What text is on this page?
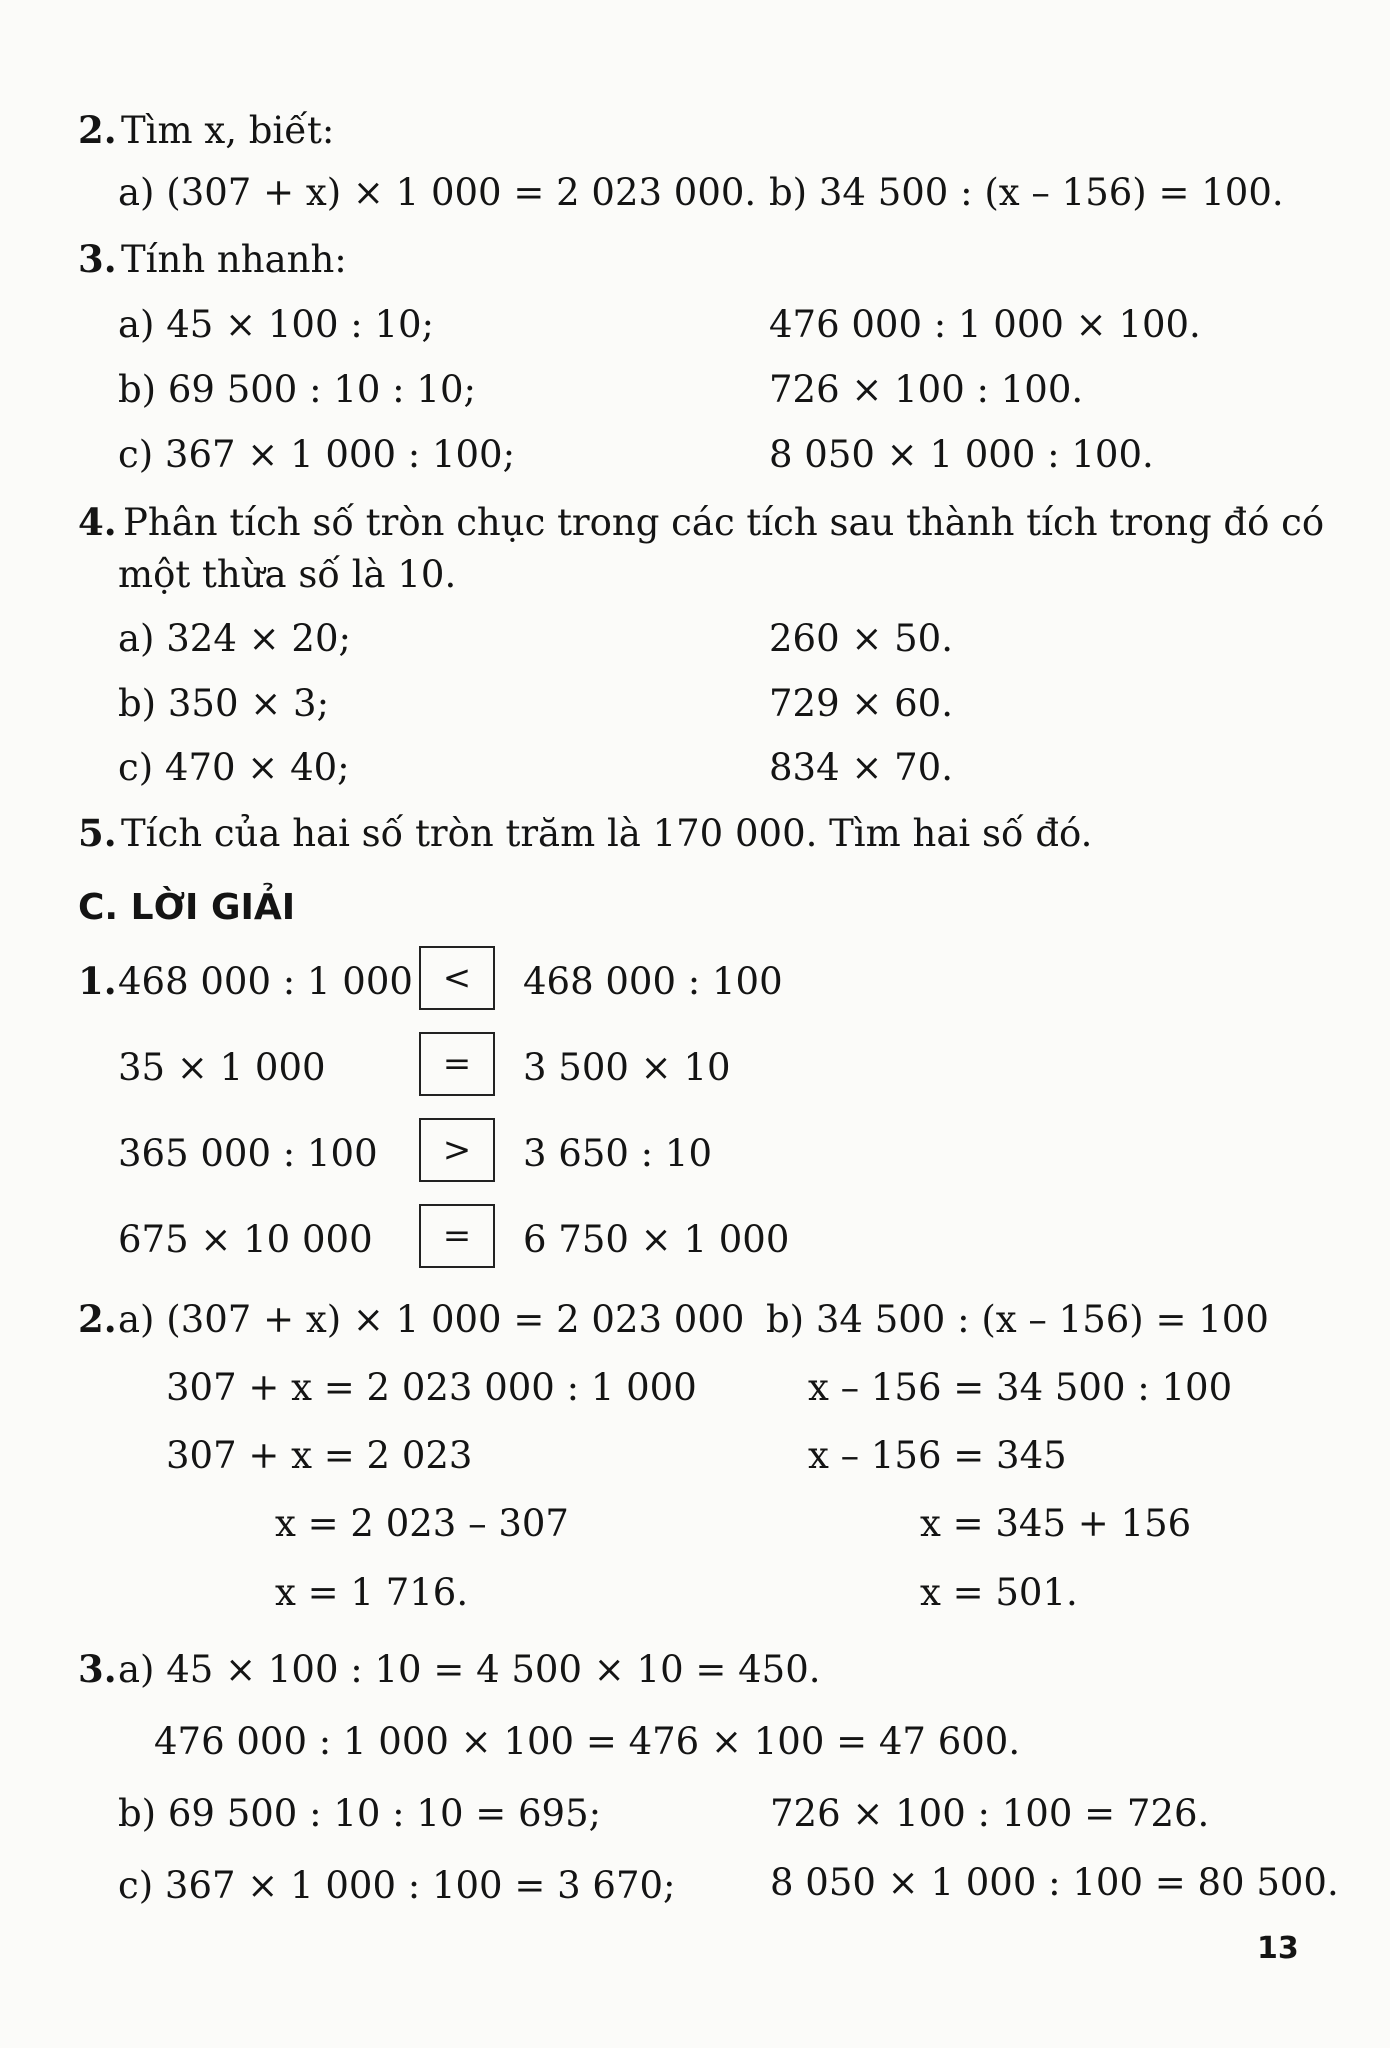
2. Tìm x, biết:
a) (307 + x) × 1 000 = 2 023 000. b) 34 500 : (x – 156) = 100.
3. Tính nhanh:
a) 45 × 100 : 10;	476 000 : 1 000 × 100.
b) 69 500 : 10 : 10;	726 × 100 : 100.
c) 367 × 1 000 : 100;	8 050 × 1 000 : 100.
4. Phân tích số tròn chục trong các tích sau thành tích trong đó có
một thừa số là 10.
a) 324 × 20;	260 × 50.
b) 350 × 3;	729 × 60.
c) 470 × 40;	834 × 70.
5. Tích của hai số tròn trăm là 170 000. Tìm hai số đó.
C. LỜI GIẢI
1. 468 000 : 1 000 <	468 000 : 100
35 × 1 000	=	3 500 × 10
365 000 : 100	>	3 650 : 10
675 × 10 000	=	6 750 × 1 000
2. a) (307 + x) × 1 000 = 2 023 000
307 + x = 2 023 000 : 1 000
307 + x = 2 023
x = 2 023 – 307
x = 1 716.
b) 34 500 : (x – 156) = 100
x – 156 = 34 500 : 100
x – 156 = 345
x = 345 + 156
x = 501.
3. a) 45 × 100 : 10 = 4 500 × 10 = 450.
476 000 : 1 000 × 100 = 476 × 100 = 47 600.
b) 69 500 : 10 : 10 = 695;	726 × 100 : 100 = 726.
c) 367 × 1 000 : 100 = 3 670;	8 050 × 1 000 : 100 = 80 500.
13
